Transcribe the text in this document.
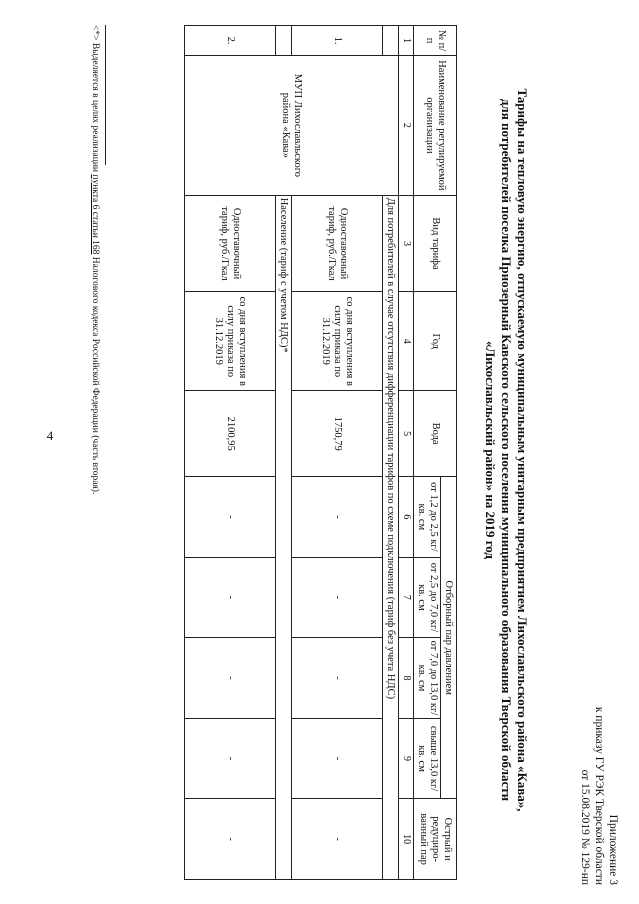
4
Приложение 3
к приказу ГУ РЭК Тверской области
от 15.08.2019 № 129-нп
Тарифы на тепловую энергию, отпускаемую муниципальным унитарным предприятием Лихославльского района «Кава»,
для потребителей поселка Приозерный Кавского сельского поселения муниципального образования Тверской области
«Лихославльский район» на 2019 год
№ п/ п	Наименование регулируемой организации	Вид тарифа	Год	Вода	Отборный пар давлением				Острый и редуциро-ванный пар
					от 1,2 до 2,5 кг/кв. см	от 2,5 до 7,0 кг/кв. см	от 7,0 до 13,0 кг/кв. см	свыше 13,0 кг/кв. см	
1	2	3	4	5	6	7	8	9	10
	МУП Лихославльского района «Кава»	Для потребителей в случае отсутствия дифференциации тарифов по схеме подключения (тариф без учета НДС)							
1.		Одноставочный тариф, руб./Гкал	со дня вступления в силу приказа по 31.12.2019	1750,79	-	-	-	-	-
		Население (тариф с учетом НДС)*							
2.		Одноставочный тариф, руб./Гкал	со дня вступления в силу приказа по 31.12.2019	2100,95	-	-	-	-	-
<*> Выделяется в целях реализации пункта 6 статьи 168 Налогового кодекса Российской Федерации (часть вторая).
